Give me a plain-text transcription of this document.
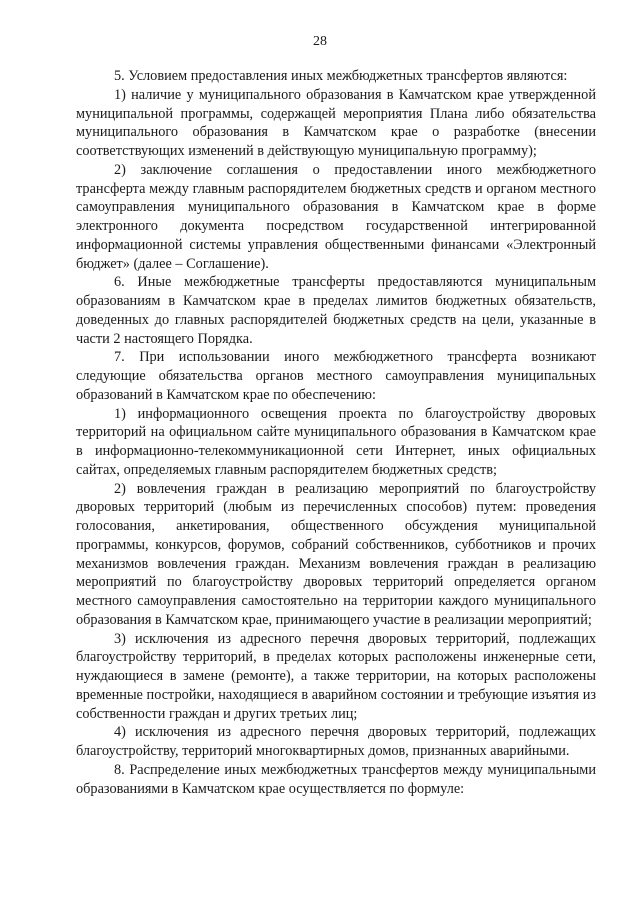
28

5. Условием предоставления иных межбюджетных трансфертов являются:

1) наличие у муниципального образования в Камчатском крае утвержденной муниципальной программы, содержащей мероприятия Плана либо обязательства муниципального образования в Камчатском крае о разработке (внесении соответствующих изменений в действующую муниципальную программу);

2) заключение соглашения о предоставлении иного межбюджетного трансферта между главным распорядителем бюджетных средств и органом местного самоуправления муниципального образования в Камчатском крае в форме электронного документа посредством государственной интегрированной информационной системы управления общественными финансами «Электронный бюджет» (далее – Соглашение).

6. Иные межбюджетные трансферты предоставляются муниципальным образованиям в Камчатском крае в пределах лимитов бюджетных обязательств, доведенных до главных распорядителей бюджетных средств на цели, указанные в части 2 настоящего Порядка.

7. При использовании иного межбюджетного трансферта возникают следующие обязательства органов местного самоуправления муниципальных образований в Камчатском крае по обеспечению:

1) информационного освещения проекта по благоустройству дворовых территорий на официальном сайте муниципального образования в Камчатском крае в информационно-телекоммуникационной сети Интернет, иных официальных сайтах, определяемых главным распорядителем бюджетных средств;

2) вовлечения граждан в реализацию мероприятий по благоустройству дворовых территорий (любым из перечисленных способов) путем: проведения голосования, анкетирования, общественного обсуждения муниципальной программы, конкурсов, форумов, собраний собственников, субботников и прочих механизмов вовлечения граждан. Механизм вовлечения граждан в реализацию мероприятий по благоустройству дворовых территорий определяется органом местного самоуправления самостоятельно на территории каждого муниципального образования в Камчатском крае, принимающего участие в реализации мероприятий;

3) исключения из адресного перечня дворовых территорий, подлежащих благоустройству территорий, в пределах которых расположены инженерные сети, нуждающиеся в замене (ремонте), а также территории, на которых расположены временные постройки, находящиеся в аварийном состоянии и требующие изъятия из собственности граждан и других третьих лиц;

4) исключения из адресного перечня дворовых территорий, подлежащих благоустройству, территорий многоквартирных домов, признанных аварийными.

8. Распределение иных межбюджетных трансфертов между муниципальными образованиями в Камчатском крае осуществляется по формуле:
